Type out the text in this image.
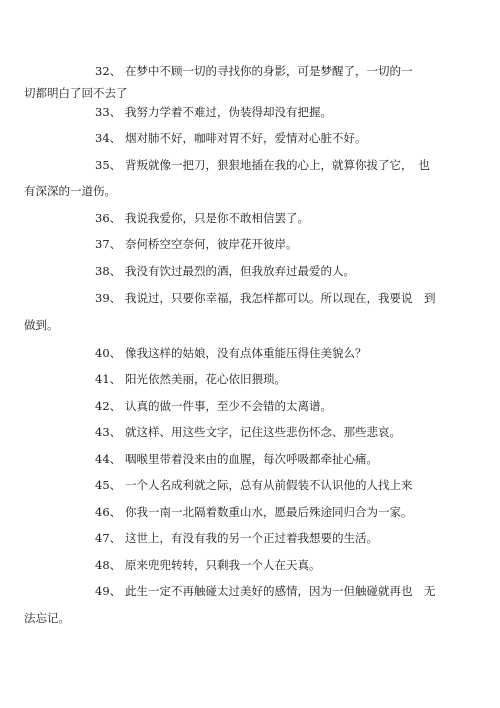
32、 在梦中不顾一切的寻找你的身影，可是梦醒了，一切的一
切都明白了回不去了
33、 我努力学着不难过，伪装得却没有把握。
34、 烟对肺不好，咖啡对胃不好，爱情对心脏不好。
35、 背叛就像一把刀，狠狠地插在我的心上，就算你拔了它，　也
有深深的一道伤。
36、 我说我爱你，只是你不敢相信罢了。
37、 奈何桥空空奈何，彼岸花开彼岸。
38、 我没有饮过最烈的酒，但我放弃过最爱的人。
39、 我说过，只要你幸福，我怎样都可以。所以现在，我要说　到
做到。
40、 像我这样的姑娘，没有点体重能压得住美貌么？
41、 阳光依然美丽，花心依旧猥琐。
42、 认真的做一件事，至少不会错的太离谱。
43、 就这样、用这些文字，记住这些悲伤怀念、那些悲哀。
44、 咽喉里带着没来由的血腥，每次呼吸都牵扯心痛。
45、 一个人名成利就之际，总有从前假装不认识他的人找上来
46、 你我一南一北隔着数重山水，愿最后殊途同归合为一家。
47、 这世上，有没有我的另一个正过着我想要的生活。
48、 原来兜兜转转，只剩我一个人在天真。
49、 此生一定不再触碰太过美好的感情，因为一但触碰就再也　无
法忘记。
